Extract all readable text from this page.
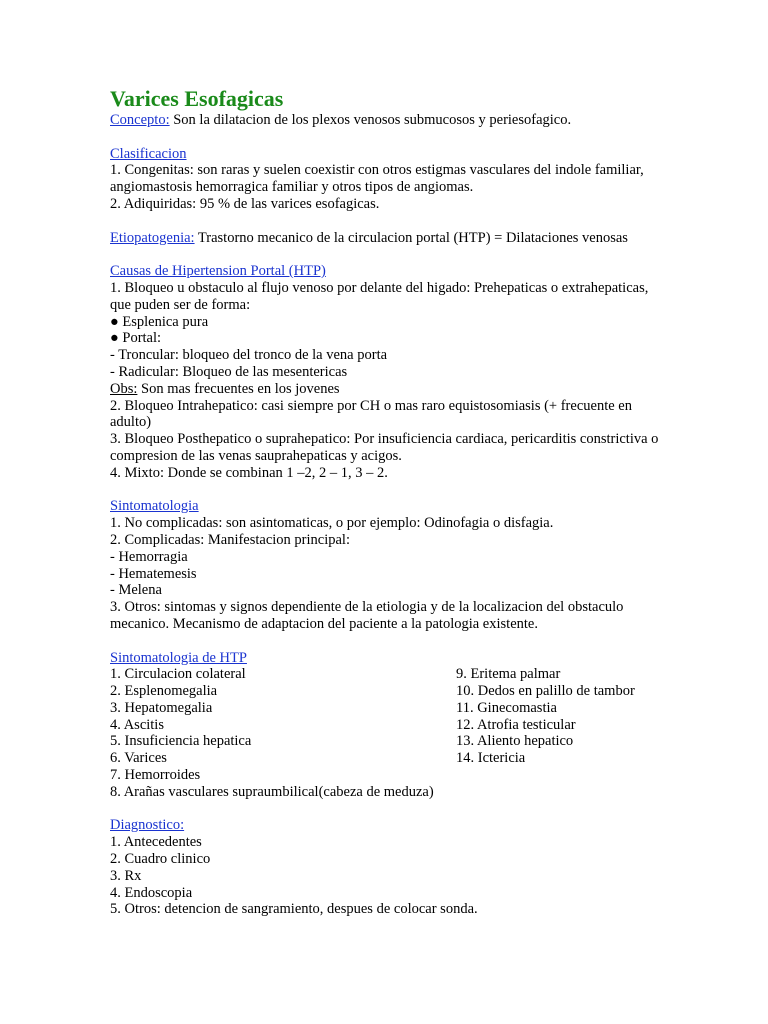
Varices Esofagicas

Concepto: Son la dilatacion de los plexos venosos submucosos y periesofagico.

Clasificacion

1. Congenitas: son raras y suelen coexistir con otros estigmas vasculares del indole familiar, angiomastosis hemorragica familiar y otros tipos de angiomas.

2. Adiquiridas: 95 % de las varices esofagicas.

Etiopatogenia: Trastorno mecanico de la circulacion portal (HTP) = Dilataciones venosas

Causas de Hipertension Portal (HTP)

1. Bloqueo u obstaculo al flujo venoso por delante del higado: Prehepaticas o extrahepaticas, que puden ser de forma:

● Esplenica pura

● Portal:

- Troncular: bloqueo del tronco de la vena porta

- Radicular: Bloqueo de las mesentericas

Obs: Son mas frecuentes en los jovenes

2. Bloqueo Intrahepatico: casi siempre por CH o mas raro equistosomiasis (+ frecuente en adulto)

3. Bloqueo Posthepatico o suprahepatico: Por insuficiencia cardiaca, pericarditis constrictiva o compresion de las venas sauprahepaticas y acigos.

4. Mixto: Donde se combinan 1 –2, 2 – 1, 3 – 2.

Sintomatologia

1. No complicadas: son asintomaticas, o por ejemplo: Odinofagia o disfagia.

2. Complicadas: Manifestacion principal:

- Hemorragia

- Hematemesis

- Melena

3. Otros: sintomas y signos dependiente de la etiologia y de la localizacion del obstaculo mecanico. Mecanismo de adaptacion del paciente a la patologia existente.

Sintomatologia de HTP

1. Circulacion colateral

2. Esplenomegalia

3. Hepatomegalia

4. Ascitis

5. Insuficiencia hepatica

6. Varices

7. Hemorroides

8. Arañas vasculares supraumbilical(cabeza de meduza)

9. Eritema palmar

10. Dedos en palillo de tambor

11. Ginecomastia

12. Atrofia testicular

13. Aliento hepatico

14. Ictericia

Diagnostico:

1. Antecedentes

2. Cuadro clinico

3. Rx

4. Endoscopia

5. Otros: detencion de sangramiento, despues de colocar sonda.
